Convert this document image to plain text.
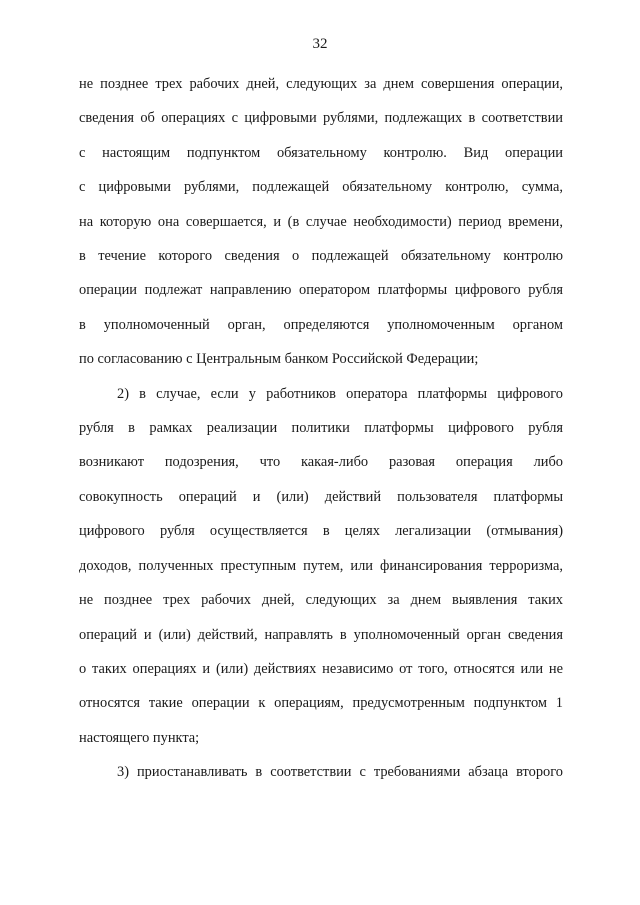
32
не позднее трех рабочих дней, следующих за днем совершения операции,
сведения об операциях с цифровыми рублями, подлежащих в соответствии
с настоящим подпунктом обязательному контролю. Вид операции
с цифровыми рублями, подлежащей обязательному контролю, сумма,
на которую она совершается, и (в случае необходимости) период времени,
в течение которого сведения о подлежащей обязательному контролю
операции подлежат направлению оператором платформы цифрового рубля
в уполномоченный орган, определяются уполномоченным органом
по согласованию с Центральным банком Российской Федерации;
2) в случае, если у работников оператора платформы цифрового
рубля в рамках реализации политики платформы цифрового рубля
возникают подозрения, что какая-либо разовая операция либо
совокупность операций и (или) действий пользователя платформы
цифрового рубля осуществляется в целях легализации (отмывания)
доходов, полученных преступным путем, или финансирования терроризма,
не позднее трех рабочих дней, следующих за днем выявления таких
операций и (или) действий, направлять в уполномоченный орган сведения
о таких операциях и (или) действиях независимо от того, относятся или не
относятся такие операции к операциям, предусмотренным подпунктом 1
настоящего пункта;
3) приостанавливать в соответствии с требованиями абзаца второго
